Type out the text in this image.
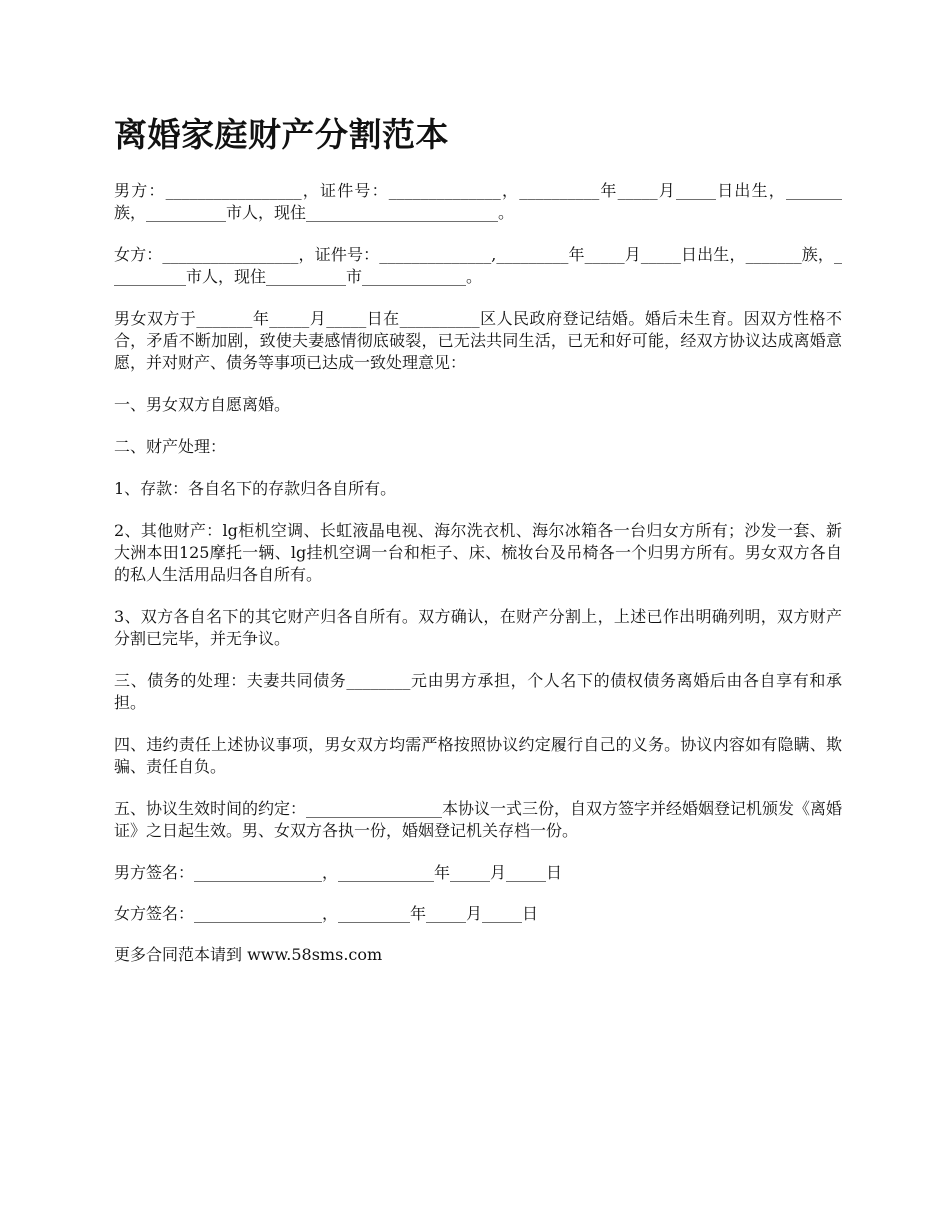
离婚家庭财产分割范本

男方：_________________，证件号：______________，__________年_____月_____日出生，_______族，__________市人，现住________________________。

女方：_________________，证件号：______________,_________年_____月_____日出生，_______族，__________市人，现住__________市_____________。

男女双方于_______年_____月_____日在__________区人民政府登记结婚。婚后未生育。因双方性格不合，矛盾不断加剧，致使夫妻感情彻底破裂，已无法共同生活，已无和好可能，经双方协议达成离婚意愿，并对财产、债务等事项已达成一致处理意见：

一、男女双方自愿离婚。

二、财产处理：

1、存款：各自名下的存款归各自所有。

2、其他财产：lg柜机空调、长虹液晶电视、海尔洗衣机、海尔冰箱各一台归女方所有；沙发一套、新大洲本田125摩托一辆、lg挂机空调一台和柜子、床、梳妆台及吊椅各一个归男方所有。男女双方各自的私人生活用品归各自所有。

3、双方各自名下的其它财产归各自所有。双方确认，在财产分割上，上述已作出明确列明，双方财产分割已完毕，并无争议。

三、债务的处理：夫妻共同债务________元由男方承担，个人名下的债权债务离婚后由各自享有和承担。

四、违约责任上述协议事项，男女双方均需严格按照协议约定履行自己的义务。协议内容如有隐瞒、欺骗、责任自负。

五、协议生效时间的约定：_________________本协议一式三份，自双方签字并经婚姻登记机颁发《离婚证》之日起生效。男、女双方各执一份，婚姻登记机关存档一份。

男方签名：________________，____________年_____月_____日

女方签名：________________，_________年_____月_____日

更多合同范本请到 www.58sms.com
